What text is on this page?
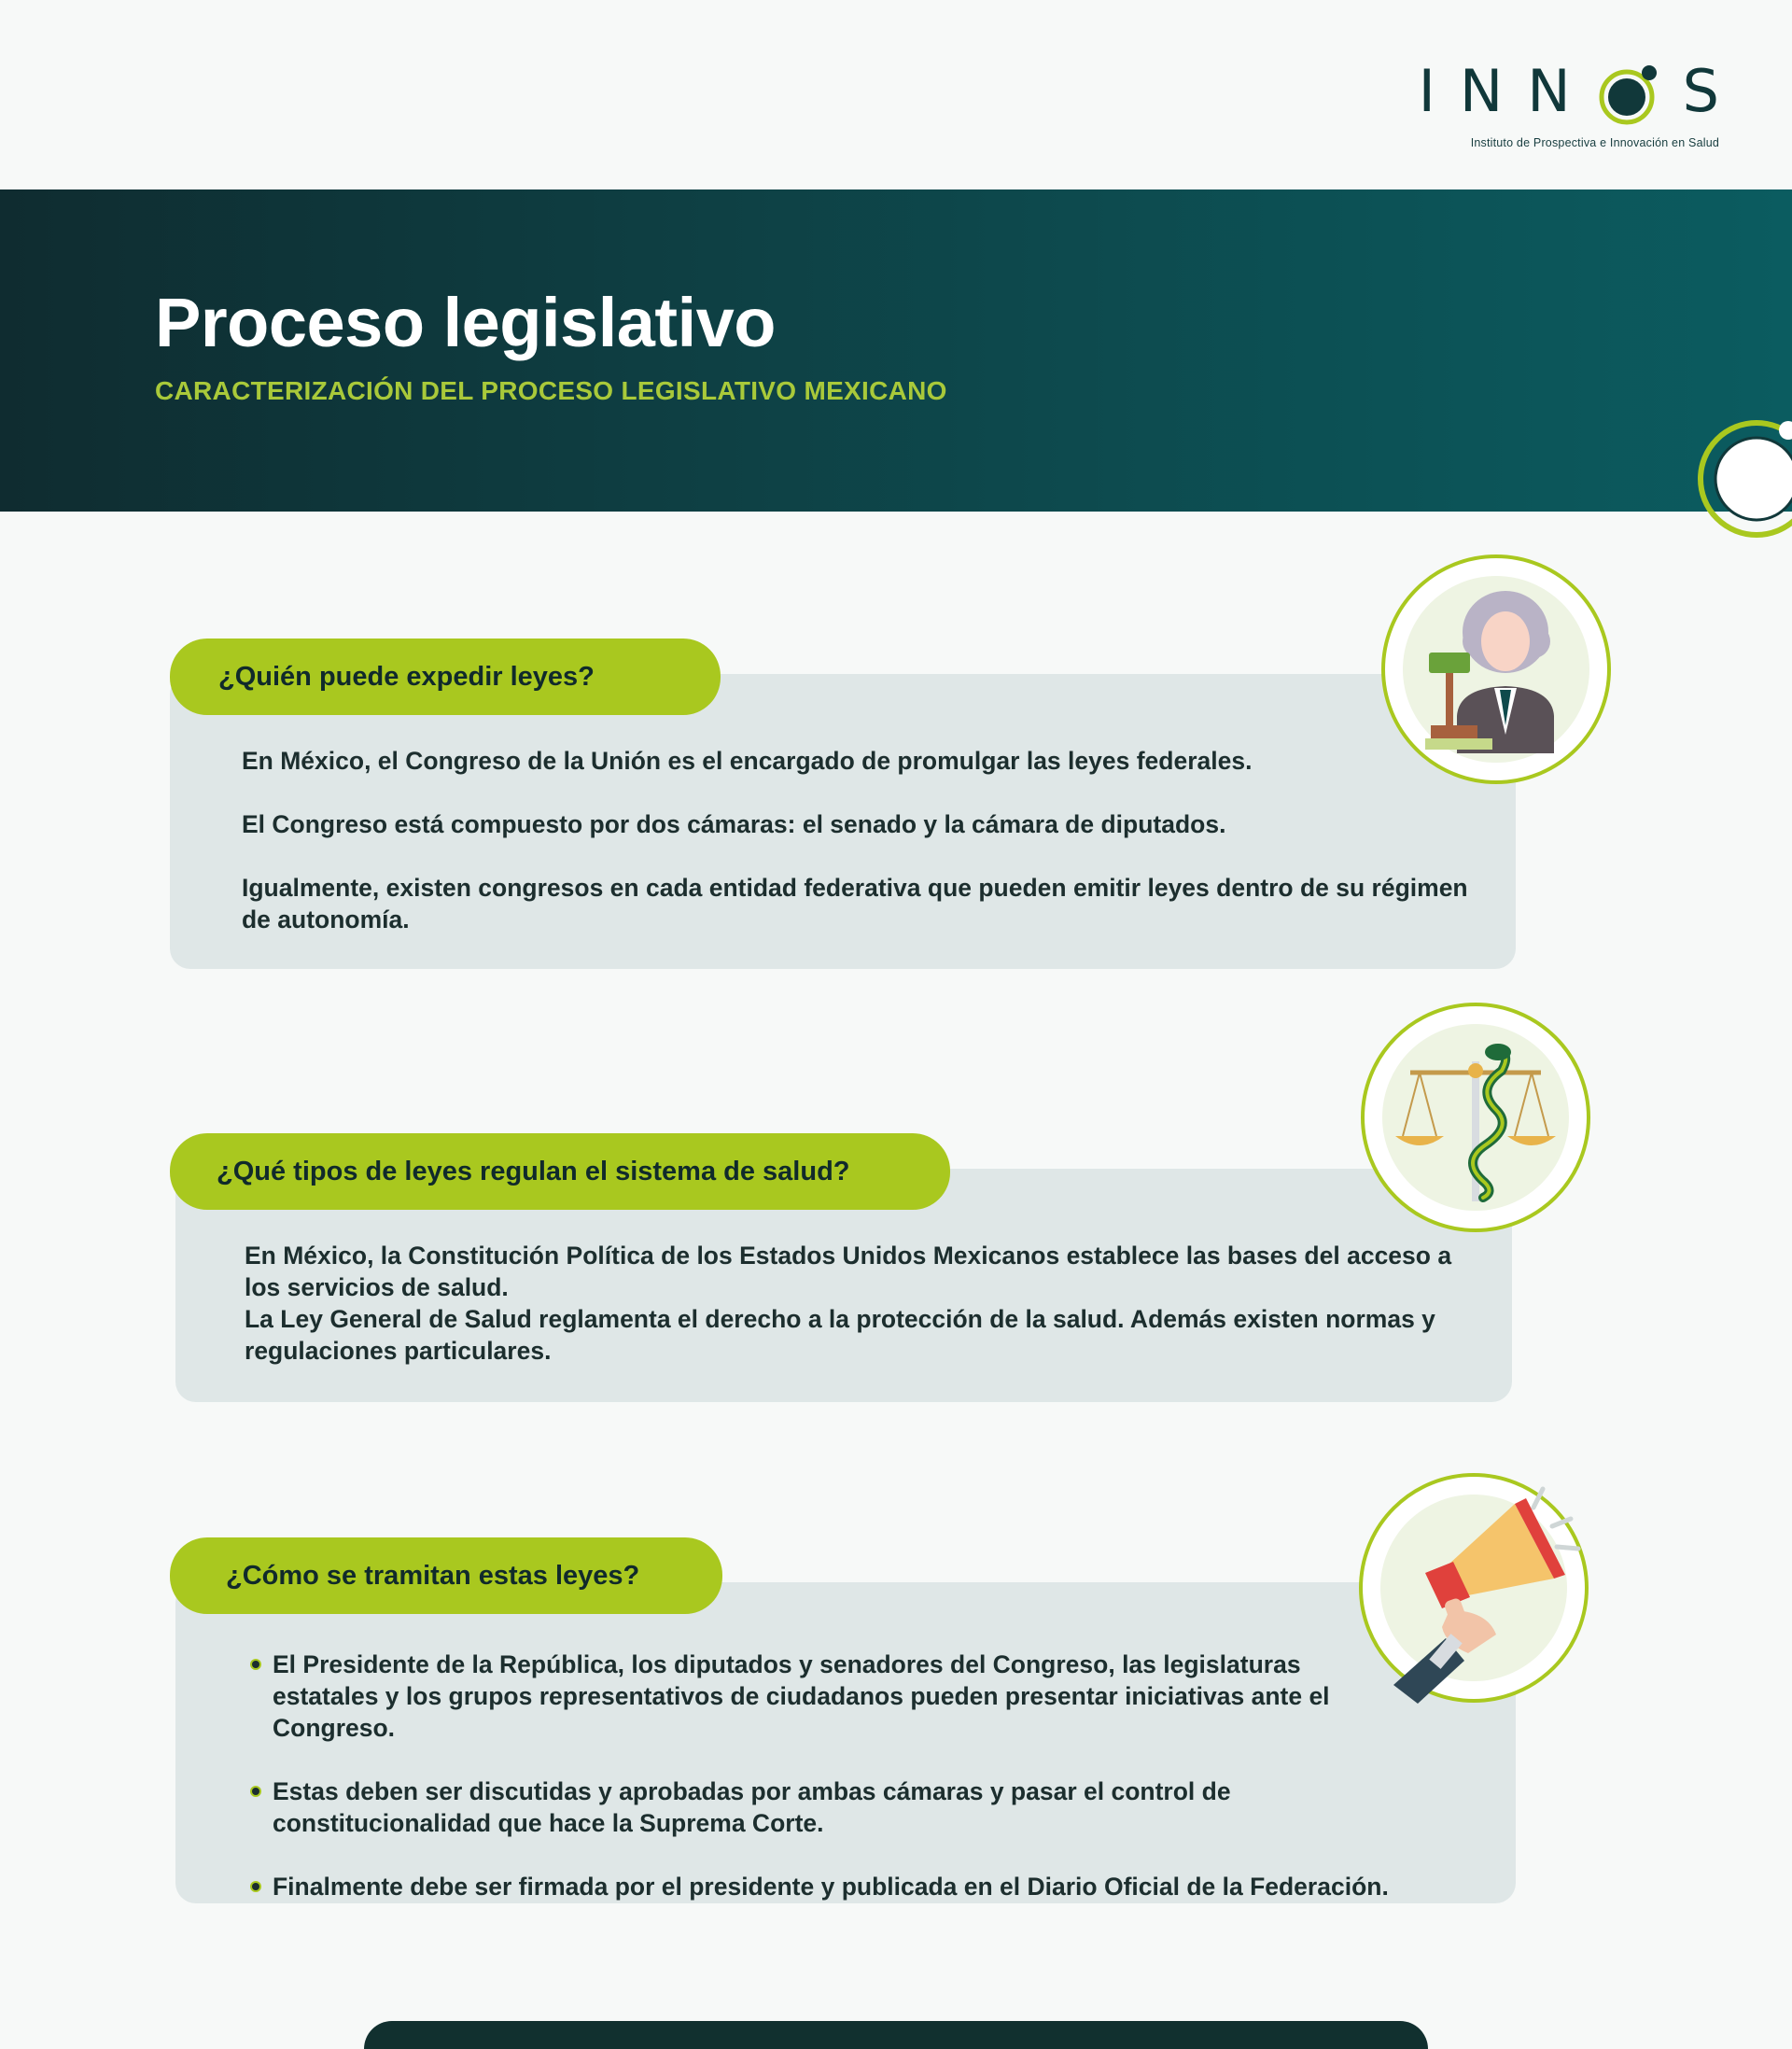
I N N S
Instituto de Prospectiva e Innovación en Salud
Proceso legislativo
CARACTERIZACIÓN DEL PROCESO LEGISLATIVO MEXICANO
¿Quién puede expedir leyes?

En México, el Congreso de la Unión es el encargado de promulgar las leyes federales.

El Congreso está compuesto por dos cámaras: el senado y la cámara de diputados.

Igualmente, existen congresos en cada entidad federativa que pueden emitir leyes dentro de su régimen de autonomía.

¿Qué tipos de leyes regulan el sistema de salud?

En México, la Constitución Política de los Estados Unidos Mexicanos establece las bases del acceso a los servicios de salud.

La Ley General de Salud reglamenta el derecho a la protección de la salud. Además existen normas y regulaciones particulares.

¿Cómo se tramitan estas leyes?
El Presidente de la República, los diputados y senadores del Congreso, las legislaturas estatales y los grupos representativos de ciudadanos pueden presentar iniciativas ante el Congreso.
Estas deben ser discutidas y aprobadas por ambas cámaras y pasar el control de constitucionalidad que hace la Suprema Corte.
Finalmente debe ser firmada por el presidente y publicada en el Diario Oficial de la Federación.
